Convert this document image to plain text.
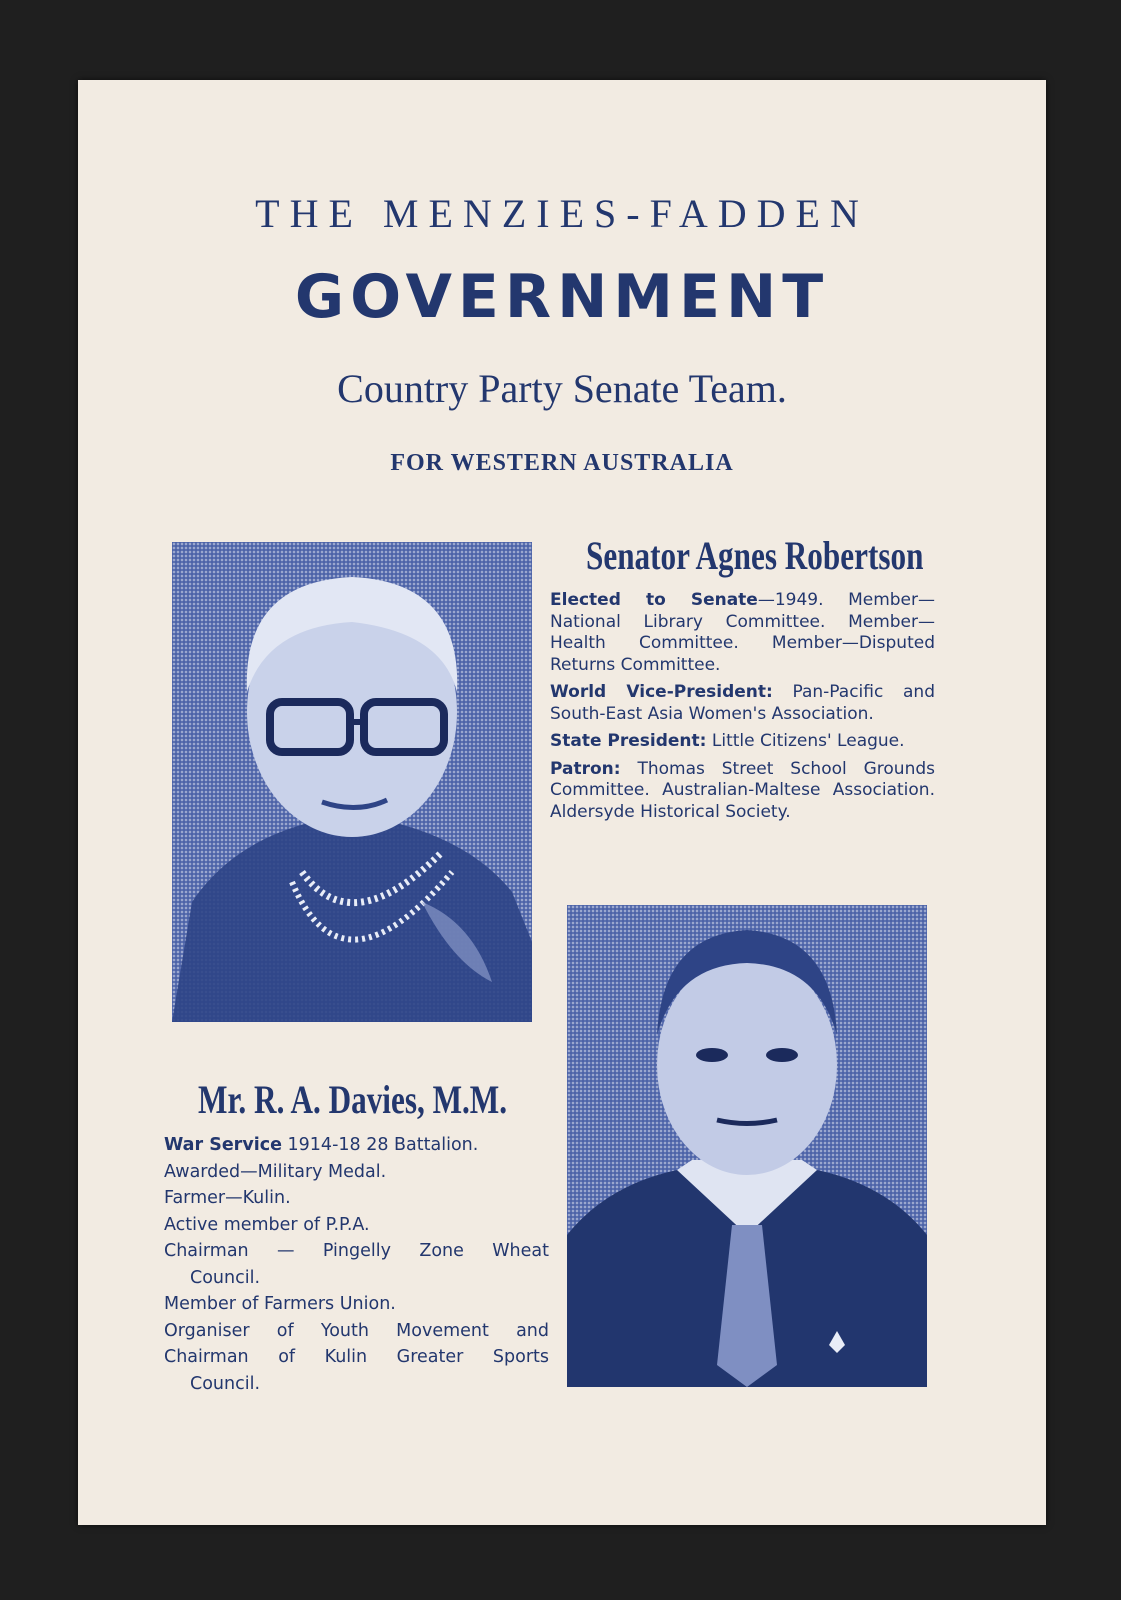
THE MENZIES-FADDEN
GOVERNMENT
Country Party Senate Team.
FOR WESTERN AUSTRALIA
Senator Agnes Robertson

Elected to Senate—1949. Member—National Library Committee. Member—Health Committee. Member—Disputed Returns Committee.

World Vice-President: Pan-Pacific and South-East Asia Women's Association.

State President: Little Citizens' League.

Patron: Thomas Street School Grounds Committee. Australian-Maltese Association. Aldersyde Historical Society.

Mr. R. A. Davies, M.M.
War Service 1914-18 28 Battalion.
Awarded—Military Medal.
Farmer—Kulin.
Active member of P.P.A.
Chairman — Pingelly Zone Wheat
Council.
Member of Farmers Union.
Organiser of Youth Movement and
Chairman of Kulin Greater Sports
Council.
